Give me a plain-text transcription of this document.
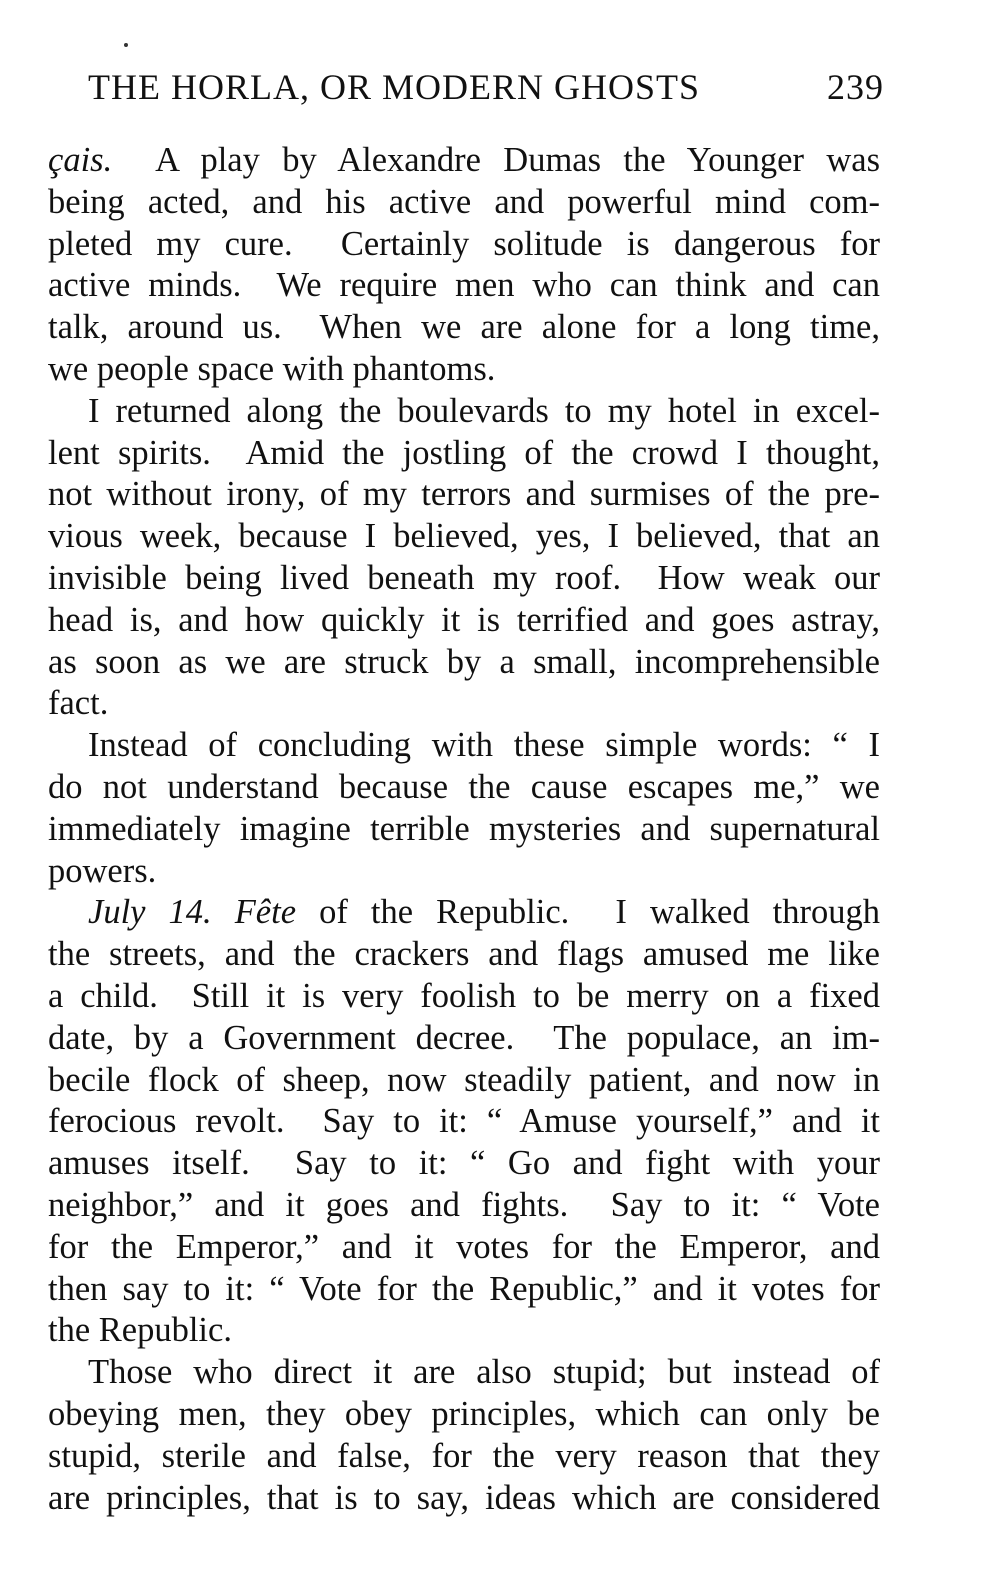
THE HORLA, OR MODERN GHOSTS	239
çais.  A play by Alexandre Dumas the Younger was
being acted, and his active and powerful mind com-
pleted my cure.  Certainly solitude is dangerous for
active minds.  We require men who can think and can
talk, around us.  When we are alone for a long time,
we people space with phantoms.
I returned along the boulevards to my hotel in excel-
lent spirits.  Amid the jostling of the crowd I thought,
not without irony, of my terrors and surmises of the pre-
vious week, because I believed, yes, I believed, that an
invisible being lived beneath my roof.  How weak our
head is, and how quickly it is terrified and goes astray,
as soon as we are struck by a small, incomprehensible
fact.
Instead of concluding with these simple words: “ I
do not understand because the cause escapes me,” we
immediately imagine terrible mysteries and supernatural
powers.
July 14. Fête of the Republic.  I walked through
the streets, and the crackers and flags amused me like
a child.  Still it is very foolish to be merry on a fixed
date, by a Government decree.  The populace, an im-
becile flock of sheep, now steadily patient, and now in
ferocious revolt.  Say to it: “ Amuse yourself,” and it
amuses itself.  Say to it: “ Go and fight with your
neighbor,” and it goes and fights.  Say to it: “ Vote
for the Emperor,” and it votes for the Emperor, and
then say to it: “ Vote for the Republic,” and it votes for
the Republic.
Those who direct it are also stupid; but instead of
obeying men, they obey principles, which can only be
stupid, sterile and false, for the very reason that they
are principles, that is to say, ideas which are considered
